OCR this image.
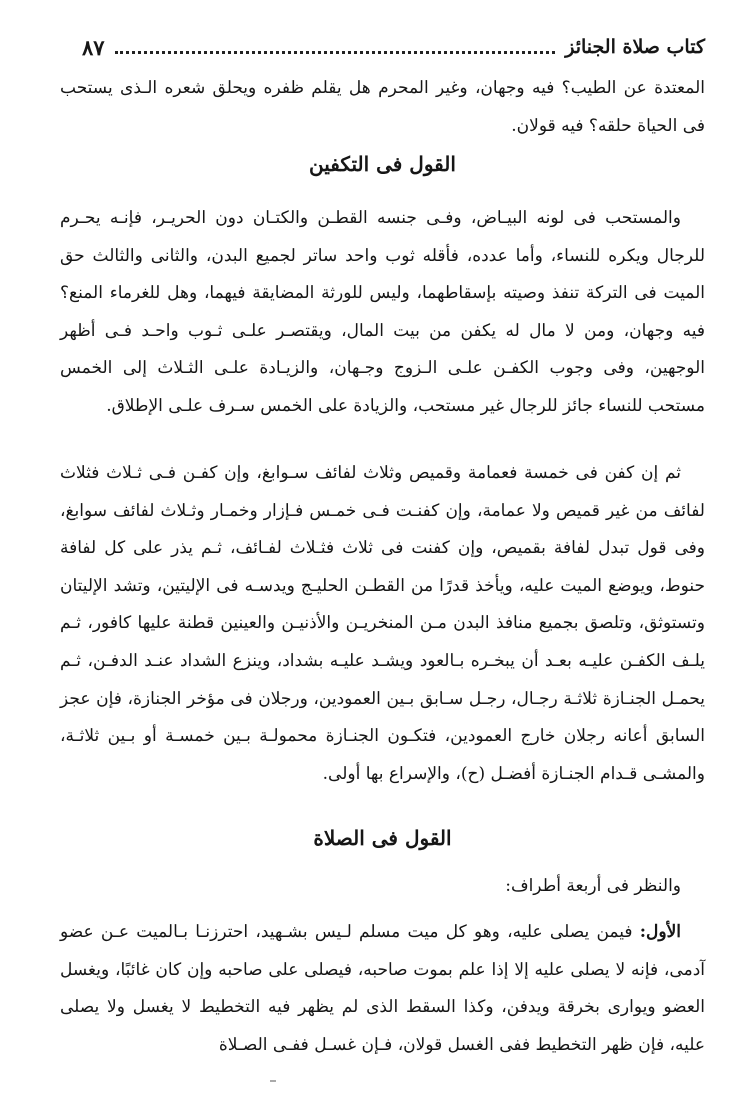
كتاب صلاة الجنائز
٨٧

المعتدة عن الطيب؟ فيه وجهان، وغير المحرم هل يقلم ظفره ويحلق شعره الـذى يستحب فى الحياة حلقه؟ فيه قولان.

القول فى التكفين

والمستحب فى لونه البيـاض، وفـى جنسه القطـن والكتـان دون الحريـر، فإنـه يحـرم للرجال ويكره للنساء، وأما عدده، فأقله ثوب واحد ساتر لجميع البدن، والثانى والثالث حق الميت فى التركة تنفذ وصيته بإسقاطهما، وليس للورثة المضايقة فيهما، وهل للغرماء المنع؟ فيه وجهان، ومن لا مال له يكفن من بيت المال، ويقتصـر علـى ثـوب واحـد فـى أظهر الوجهين، وفى وجوب الكفـن علـى الـزوج وجـهان، والزيـادة علـى الثـلاث إلى الخمس مستحب للنساء جائز للرجال غير مستحب، والزيادة على الخمس سـرف علـى الإطلاق.

ثم إن كفن فى خمسة فعمامة وقميص وثلاث لفائف سـوابغ، وإن كفـن فـى ثـلاث فثلاث لفائف من غير قميص ولا عمامة، وإن كفنـت فـى خمـس فـإزار وخمـار وثـلاث لفائف سوابغ، وفى قول تبدل لفافة بقميص، وإن كفنت فى ثلاث فثـلاث لفـائف، ثـم يذر على كل لفافة حنوط، ويوضع الميت عليه، ويأخذ قدرًا من القطـن الحليـج ويدسـه فى الإليتين، وتشد الإليتان وتستوثق، وتلصق بجميع منافذ البدن مـن المنخريـن والأذنيـن والعينين قطنة عليها كافور، ثـم يلـف الكفـن عليـه بعـد أن يبخـره بـالعود ويشـد عليـه بشداد، وينزع الشداد عنـد الدفـن، ثـم يحمـل الجنـازة ثلاثـة رجـال، رجـل سـابق بـين العمودين، ورجلان فى مؤخر الجنازة، فإن عجز السابق أعانه رجلان خارج العمودين، فتكـون الجنـازة محمولـة بـين خمسـة أو بـين ثلاثـة، والمشـى قـدام الجنـازة أفضـل (ح)، والإسراع بها أولى.

القول فى الصلاة

والنظر فى أربعة أطراف:

الأول: فيمن يصلى عليه، وهو كل ميت مسلم لـيس بشـهيد، احترزنـا بـالميت عـن عضو آدمى، فإنه لا يصلى عليه إلا إذا علم بموت صاحبه، فيصلى على صاحبه وإن كان غائبًا، ويغسل العضو ويوارى بخرقة ويدفن، وكذا السقط الذى لم يظهر فيه التخطيط لا يغسل ولا يصلى عليه، فإن ظهر التخطيط ففى الغسل قولان، فـإن غسـل ففـى الصـلاة
